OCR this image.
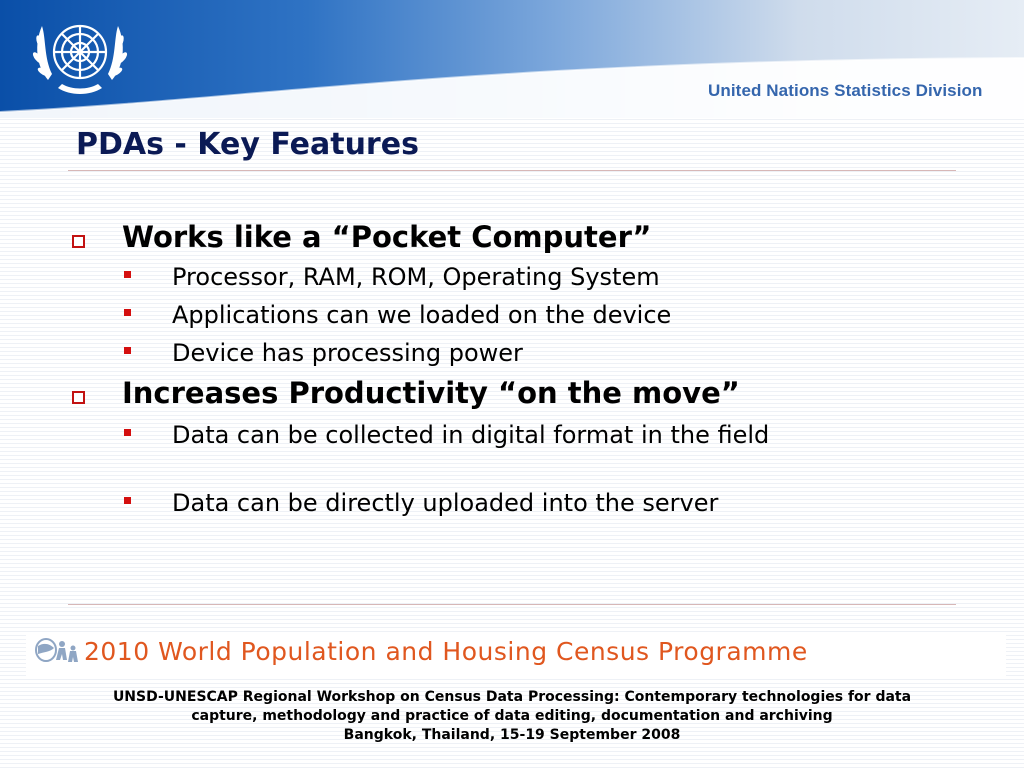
United Nations Statistics Division
PDAs - Key Features
Works like a “Pocket Computer”
Processor, RAM, ROM, Operating System
Applications can we loaded on the device
Device has processing power
Increases Productivity “on the move”
Data can be collected in digital format in the field
Data can be directly uploaded into the server
2010 World Population and Housing Census Programme
UNSD-UNESCAP Regional Workshop on Census Data Processing: Contemporary technologies for data
capture, methodology and practice of data editing, documentation and archiving
Bangkok, Thailand, 15-19 September 2008
